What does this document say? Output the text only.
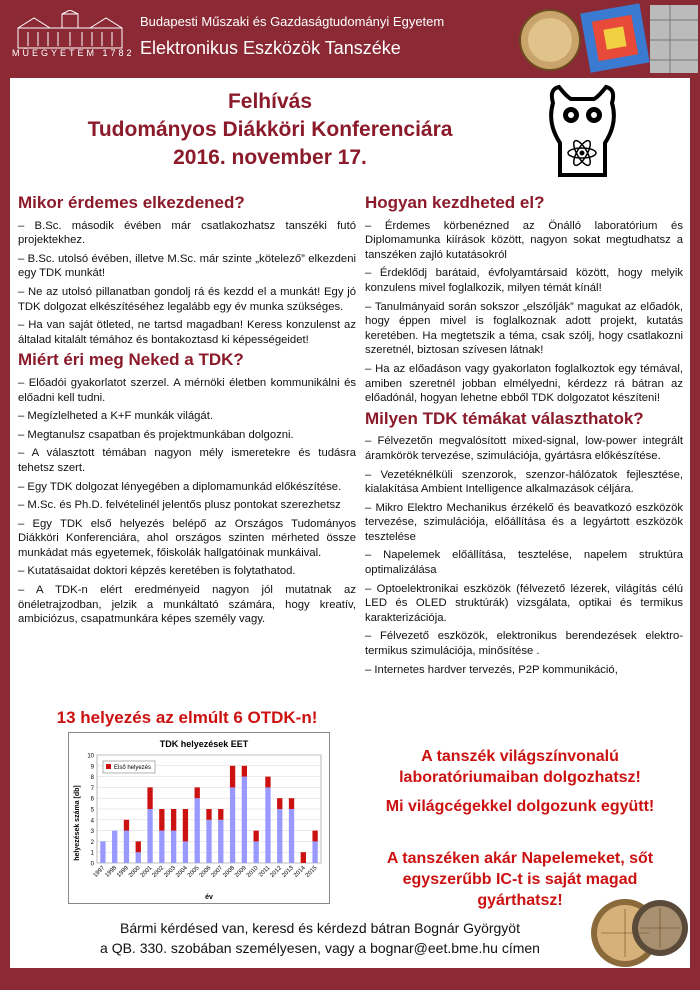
MŰEGYETEM 1782
Budapesti Műszaki és Gazdaságtudományi Egyetem
Elektronikus Eszközök Tanszéke
Felhívás
Tudományos Diákköri Konferenciára
2016. november 17.

Mikor érdemes elkezdened?

– B.Sc. második évében már csatlakozhatsz tanszéki futó projektekhez.

– B.Sc. utolsó évében, illetve M.Sc. már szinte „kötelező” elkezdeni egy TDK munkát!

– Ne az utolsó pillanatban gondolj rá és kezdd el a munkát! Egy jó TDK dolgozat elkészítéséhez legalább egy év munka szükséges.

– Ha van saját ötleted, ne tartsd magadban! Keress konzulenst az általad kitalált témához és bontakoztasd ki képességeidet!

Miért éri meg Neked a TDK?

– Előadói gyakorlatot szerzel. A mérnöki életben kommunikálni és előadni kell tudni.

– Megízlelheted a K+F munkák világát.

– Megtanulsz csapatban és projektmunkában dolgozni.

– A választott témában nagyon mély ismeretekre és tudásra tehetsz szert.

– Egy TDK dolgozat lényegében a diplomamunkád előkészítése.

– M.Sc. és Ph.D. felvételinél jelentős plusz pontokat szerezhetsz

– Egy TDK első helyezés belépő az Országos Tudományos Diákköri Konferenciára, ahol országos szinten mérheted össze munkádat más egyetemek, főiskolák hallgatóinak munkáival.

– Kutatásaidat doktori képzés keretében is folytathatod.

– A TDK-n elért eredményeid nagyon jól mutatnak az önéletrajzodban, jelzik a munkáltató számára, hogy kreatív, ambiciózus, csapatmunkára képes személy vagy.

13 helyezés az elmúlt 6 OTDK-n!
TDK helyezések EET
helyezések száma [db]
év
0
1
2
3
4
5
6
7
8
9
10
1997
1998
1999
2000
2001
2002
2003
2004
2005
2006
2007
2008
2009
2010
2011
2012
2013
2014
2015
Első helyezés

Hogyan kezdheted el?

– Érdemes körbenézned az Önálló laboratórium és Diplomamunka kiírások között, nagyon sokat megtudhatsz a tanszéken zajló kutatásokról

– Érdeklődj barátaid, évfolyamtársaid között, hogy melyik konzulens mivel foglalkozik, milyen témát kínál!

– Tanulmányaid során sokszor „elszólják” magukat az előadók, hogy éppen mivel is foglalkoznak adott projekt, kutatás keretében. Ha megtetszik a téma, csak szólj, hogy csatlakozni szeretnél, biztosan szívesen látnak!

– Ha az előadáson vagy gyakorlaton foglalkoztok egy témával, amiben szeretnél jobban elmélyedni, kérdezz rá bátran az előadónál, hogyan lehetne ebből TDK dolgozatot készíteni!

Milyen TDK témákat választhatok?

– Félvezetőn megvalósított mixed-signal, low-power integrált áramkörök tervezése, szimulációja, gyártásra előkészítése.

– Vezetéknélküli szenzorok, szenzor-hálózatok fejlesztése, kialakítása Ambient Intelligence alkalmazások céljára.

– Mikro Elektro Mechanikus érzékelő és beavatkozó eszközök tervezése, szimulációja, előállítása és a legyártott eszközök tesztelése

– Napelemek előállítása, tesztelése, napelem struktúra optimalizálása

– Optoelektronikai eszközök (félvezető lézerek, világítás célú LED és OLED struktúrák) vizsgálata, optikai és termikus karakterizációja.

– Félvezető eszközök, elektronikus berendezések elektro-termikus szimulációja, minősítése .

– Internetes hardver tervezés, P2P kommunikáció,

A tanszék világszínvonalú laboratóriumaiban dolgozhatsz!
Mi világcégekkel dolgozunk együtt!
A tanszéken akár Napelemeket, sőt egyszerűbb IC-t is saját magad gyárthatsz!
Bármi kérdésed van, keresd és kérdezd bátran Bognár Györgyöt
a QB. 330. szobában személyesen, vagy a bognar@eet.bme.hu címen
